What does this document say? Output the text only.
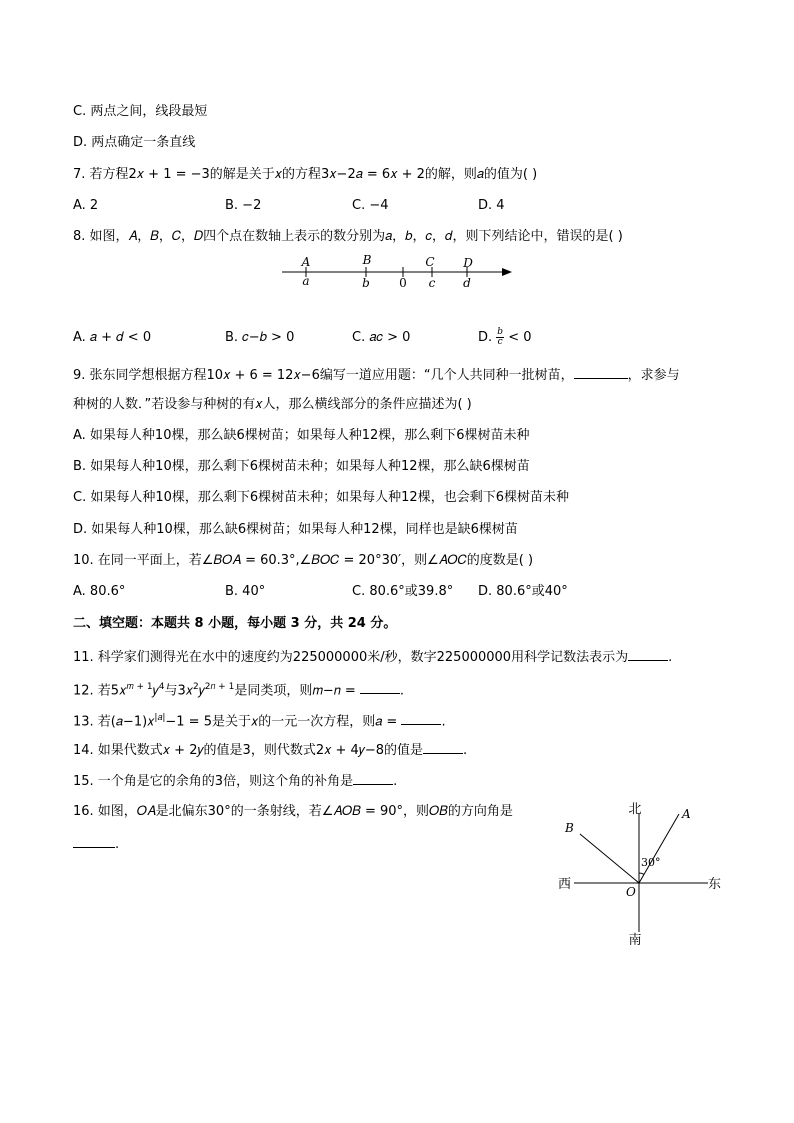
C. 两点之间，线段最短
D. 两点确定一条直线
7. 若方程2𝑥 + 1 = −3的解是关于𝑥的方程3𝑥−2𝑎 = 6𝑥 + 2的解，则𝑎的值为( )
A. 2	B. −2	C. −4	D. 4
8. 如图，𝐴，𝐵，𝐶，𝐷四个点在数轴上表示的数分别为𝑎，𝑏，𝑐，𝑑，则下列结论中，错误的是( )
A	B	C D
a	b 0 c d
A. 𝑎 + 𝑑 < 0	B. 𝑐−𝑏 > 0	C. 𝑎𝑐 > 0	D. $\frac{b}{c} < 0$
9. 张东同学想根据方程10𝑥 + 6 = 12𝑥−6编写一道应用题：“几个人共同种一批树苗，	，求参与
种树的人数．”若设参与种树的有𝑥人，那么横线部分的条件应描述为( )
A. 如果每人种10棵，那么缺6棵树苗；如果每人种12棵，那么剩下6棵树苗未种
B. 如果每人种10棵，那么剩下6棵树苗未种；如果每人种12棵，那么缺6棵树苗
C. 如果每人种10棵，那么剩下6棵树苗未种；如果每人种12棵，也会剩下6棵树苗未种
D. 如果每人种10棵，那么缺6棵树苗；如果每人种12棵，同样也是缺6棵树苗
10. 在同一平面上，若∠𝐵𝑂𝐴 = 60.3°,∠𝐵𝑂𝐶 = 20°30′，则∠𝐴𝑂𝐶的度数是( )
A. 80.6°	B. 40°	C. 80.6°或39.8° D. 80.6°或40°
二、填空题：本题共 8 小题，每小题 3 分，共 24 分。
11. 科学家们测得光在水中的速度约为225000000米/秒，数字225000000用科学记数法表示为	.
12. 若5𝑥$^{𝑚 + 1}$𝑦$^4$与3𝑥$^2$𝑦$^{2𝑛 + 1}$是同类项，则𝑚−𝑛 =	.
13. 若(𝑎−1)𝑥$^{|𝑎|}$−1 = 5是关于𝑥的一元一次方程，则𝑎 =	.
14. 如果代数式𝑥 + 2𝑦的值是3，则代数式2𝑥 + 4𝑦−8的值是	.
15. 一个角是它的余角的3倍，则这个角的补角是	.
16. 如图，𝑂𝐴是北偏东30°的一条射线，若∠𝐴𝑂𝐵 = 90°，则𝑂𝐵的方向角是
.
北
南
西	东
A
B
O
30°
